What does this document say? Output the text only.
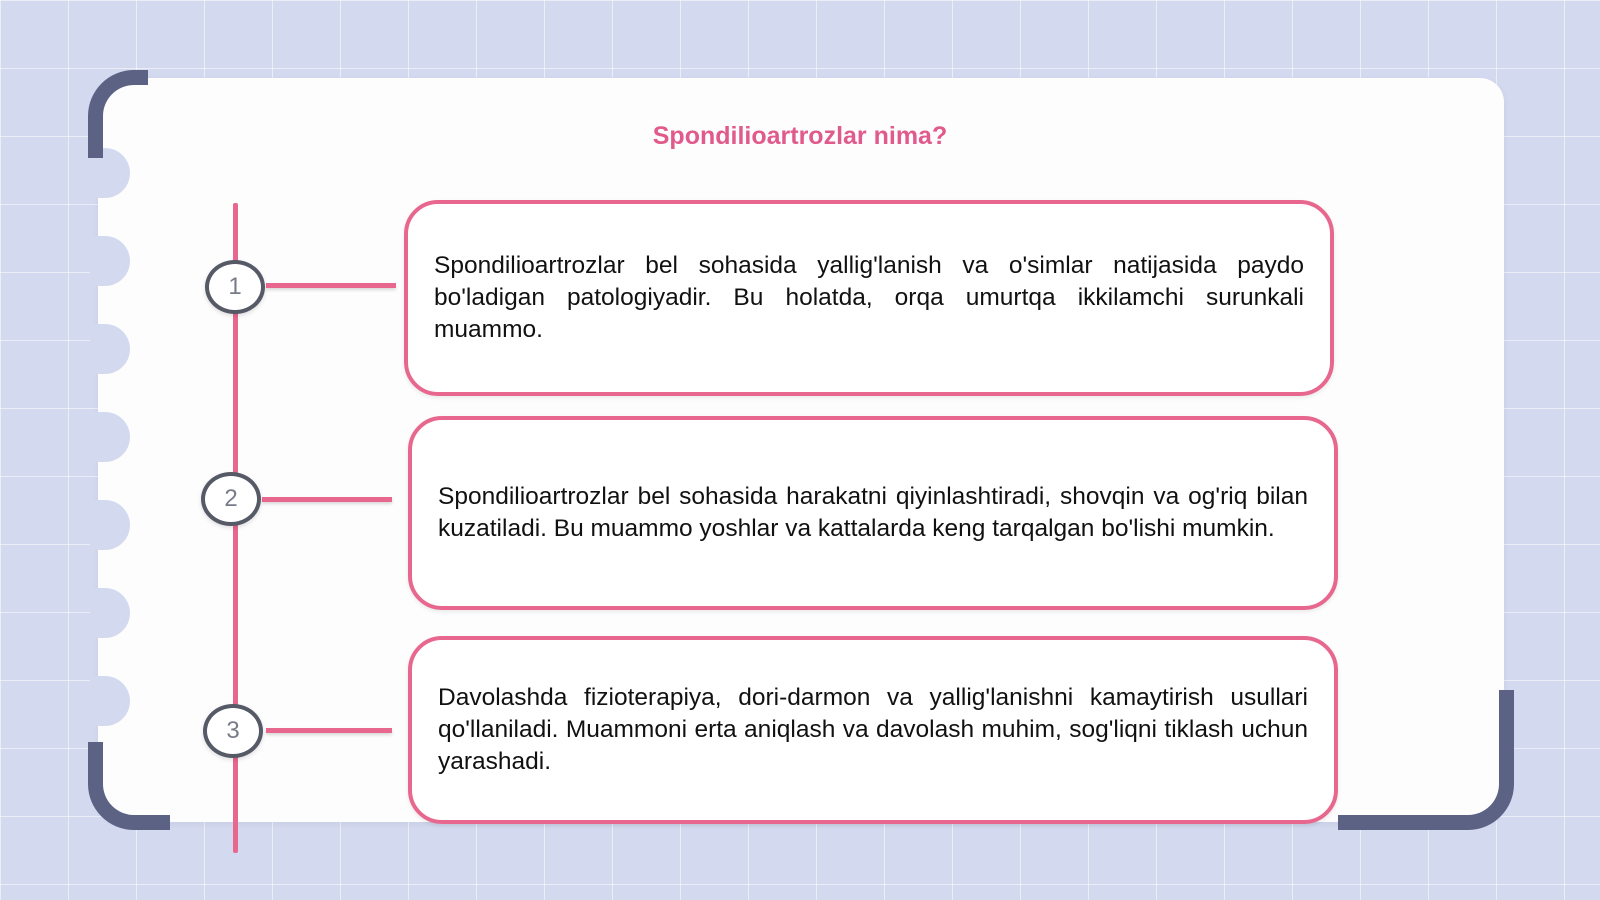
Spondilioartrozlar nima?
1

Spondilioartrozlar bel sohasida yallig'lanish va o'simlar natijasida paydo bo'ladigan patologiyadir. Bu holatda, orqa umurtqa ikkilamchi surunkali muammo.

2	Spondilioartrozlar bel sohasida harakatni qiyinlashtiradi, shovqin va og'riq bilan kuzatiladi. Bu muammo yoshlar va kattalarda keng tarqalgan bo'lishi mumkin.

3

Davolashda fizioterapiya, dori-darmon va yallig'lanishni kamaytirish usullari qo'llaniladi. Muammoni erta aniqlash va davolash muhim, sog'liqni tiklash uchun yarashadi.
